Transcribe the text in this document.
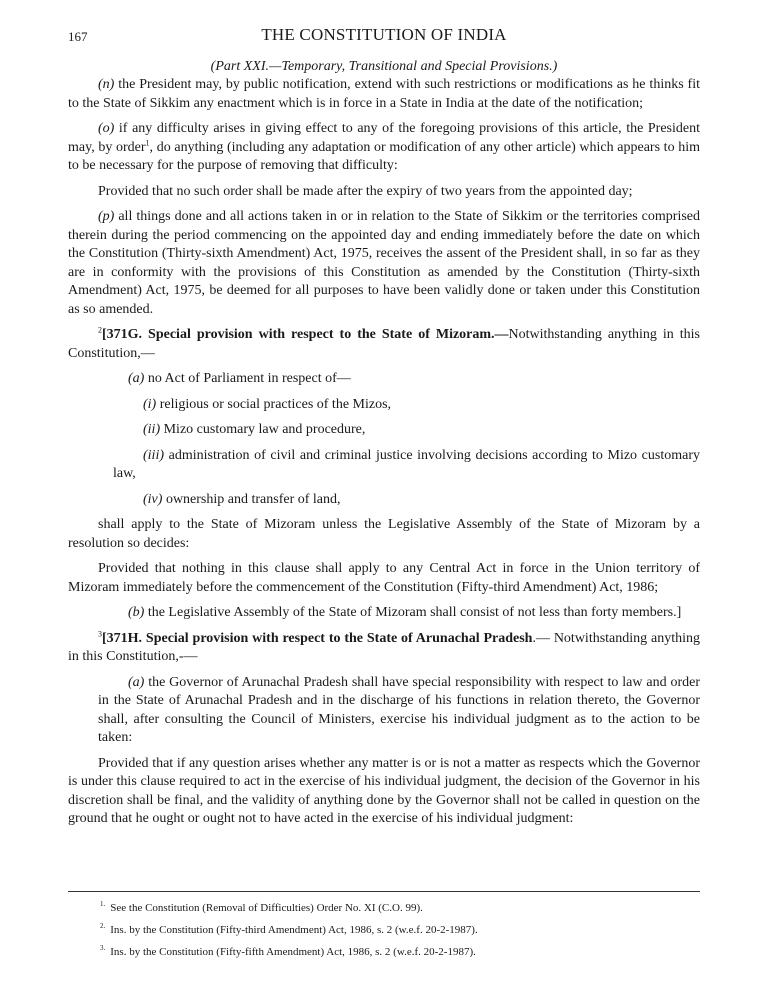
167	THE CONSTITUTION OF INDIA
(Part XXI.—Temporary, Transitional and Special Provisions.)

(n) the President may, by public notification, extend with such restrictions or modifications as he thinks fit to the State of Sikkim any enactment which is in force in a State in India at the date of the notification;

(o) if any difficulty arises in giving effect to any of the foregoing provisions of this article, the President may, by order$^1$, do anything (including any adaptation or modification of any other article) which appears to him to be necessary for the purpose of removing that difficulty:

Provided that no such order shall be made after the expiry of two years from the appointed day;

(p) all things done and all actions taken in or in relation to the State of Sikkim or the territories comprised therein during the period commencing on the appointed day and ending immediately before the date on which the Constitution (Thirty-sixth Amendment) Act, 1975, receives the assent of the President shall, in so far as they are in conformity with the provisions of this Constitution as amended by the Constitution (Thirty-sixth Amendment) Act, 1975, be deemed for all purposes to have been validly done or taken under this Constitution as so amended.

$^2$[371G. Special provision with respect to the State of Mizoram.—Notwithstanding anything in this Constitution,—

(a) no Act of Parliament in respect of—

(i) religious or social practices of the Mizos,

(ii) Mizo customary law and procedure,

(iii) administration of civil and criminal justice involving decisions according to Mizo customary law,

(iv) ownership and transfer of land,

shall apply to the State of Mizoram unless the Legislative Assembly of the State of Mizoram by a resolution so decides:

Provided that nothing in this clause shall apply to any Central Act in force in the Union territory of Mizoram immediately before the commencement of the Constitution (Fifty-third Amendment) Act, 1986;

(b) the Legislative Assembly of the State of Mizoram shall consist of not less than forty members.]

$^3$[371H. Special provision with respect to the State of Arunachal Pradesh.— Notwithstanding anything in this Constitution,-—

(a) the Governor of Arunachal Pradesh shall have special responsibility with respect to law and order in the State of Arunachal Pradesh and in the discharge of his functions in relation thereto, the Governor shall, after consulting the Council of Ministers, exercise his individual judgment as to the action to be taken:

Provided that if any question arises whether any matter is or is not a matter as respects which the Governor is under this clause required to act in the exercise of his individual judgment, the decision of the Governor in his discretion shall be final, and the validity of anything done by the Governor shall not be called in question on the ground that he ought or ought not to have acted in the exercise of his individual judgment:

$^{1.}$ See the Constitution (Removal of Difficulties) Order No. XI (C.O. 99).
$^{2.}$ Ins. by the Constitution (Fifty-third Amendment) Act, 1986, s. 2 (w.e.f. 20-2-1987).
$^{3.}$ Ins. by the Constitution (Fifty-fifth Amendment) Act, 1986, s. 2 (w.e.f. 20-2-1987).
